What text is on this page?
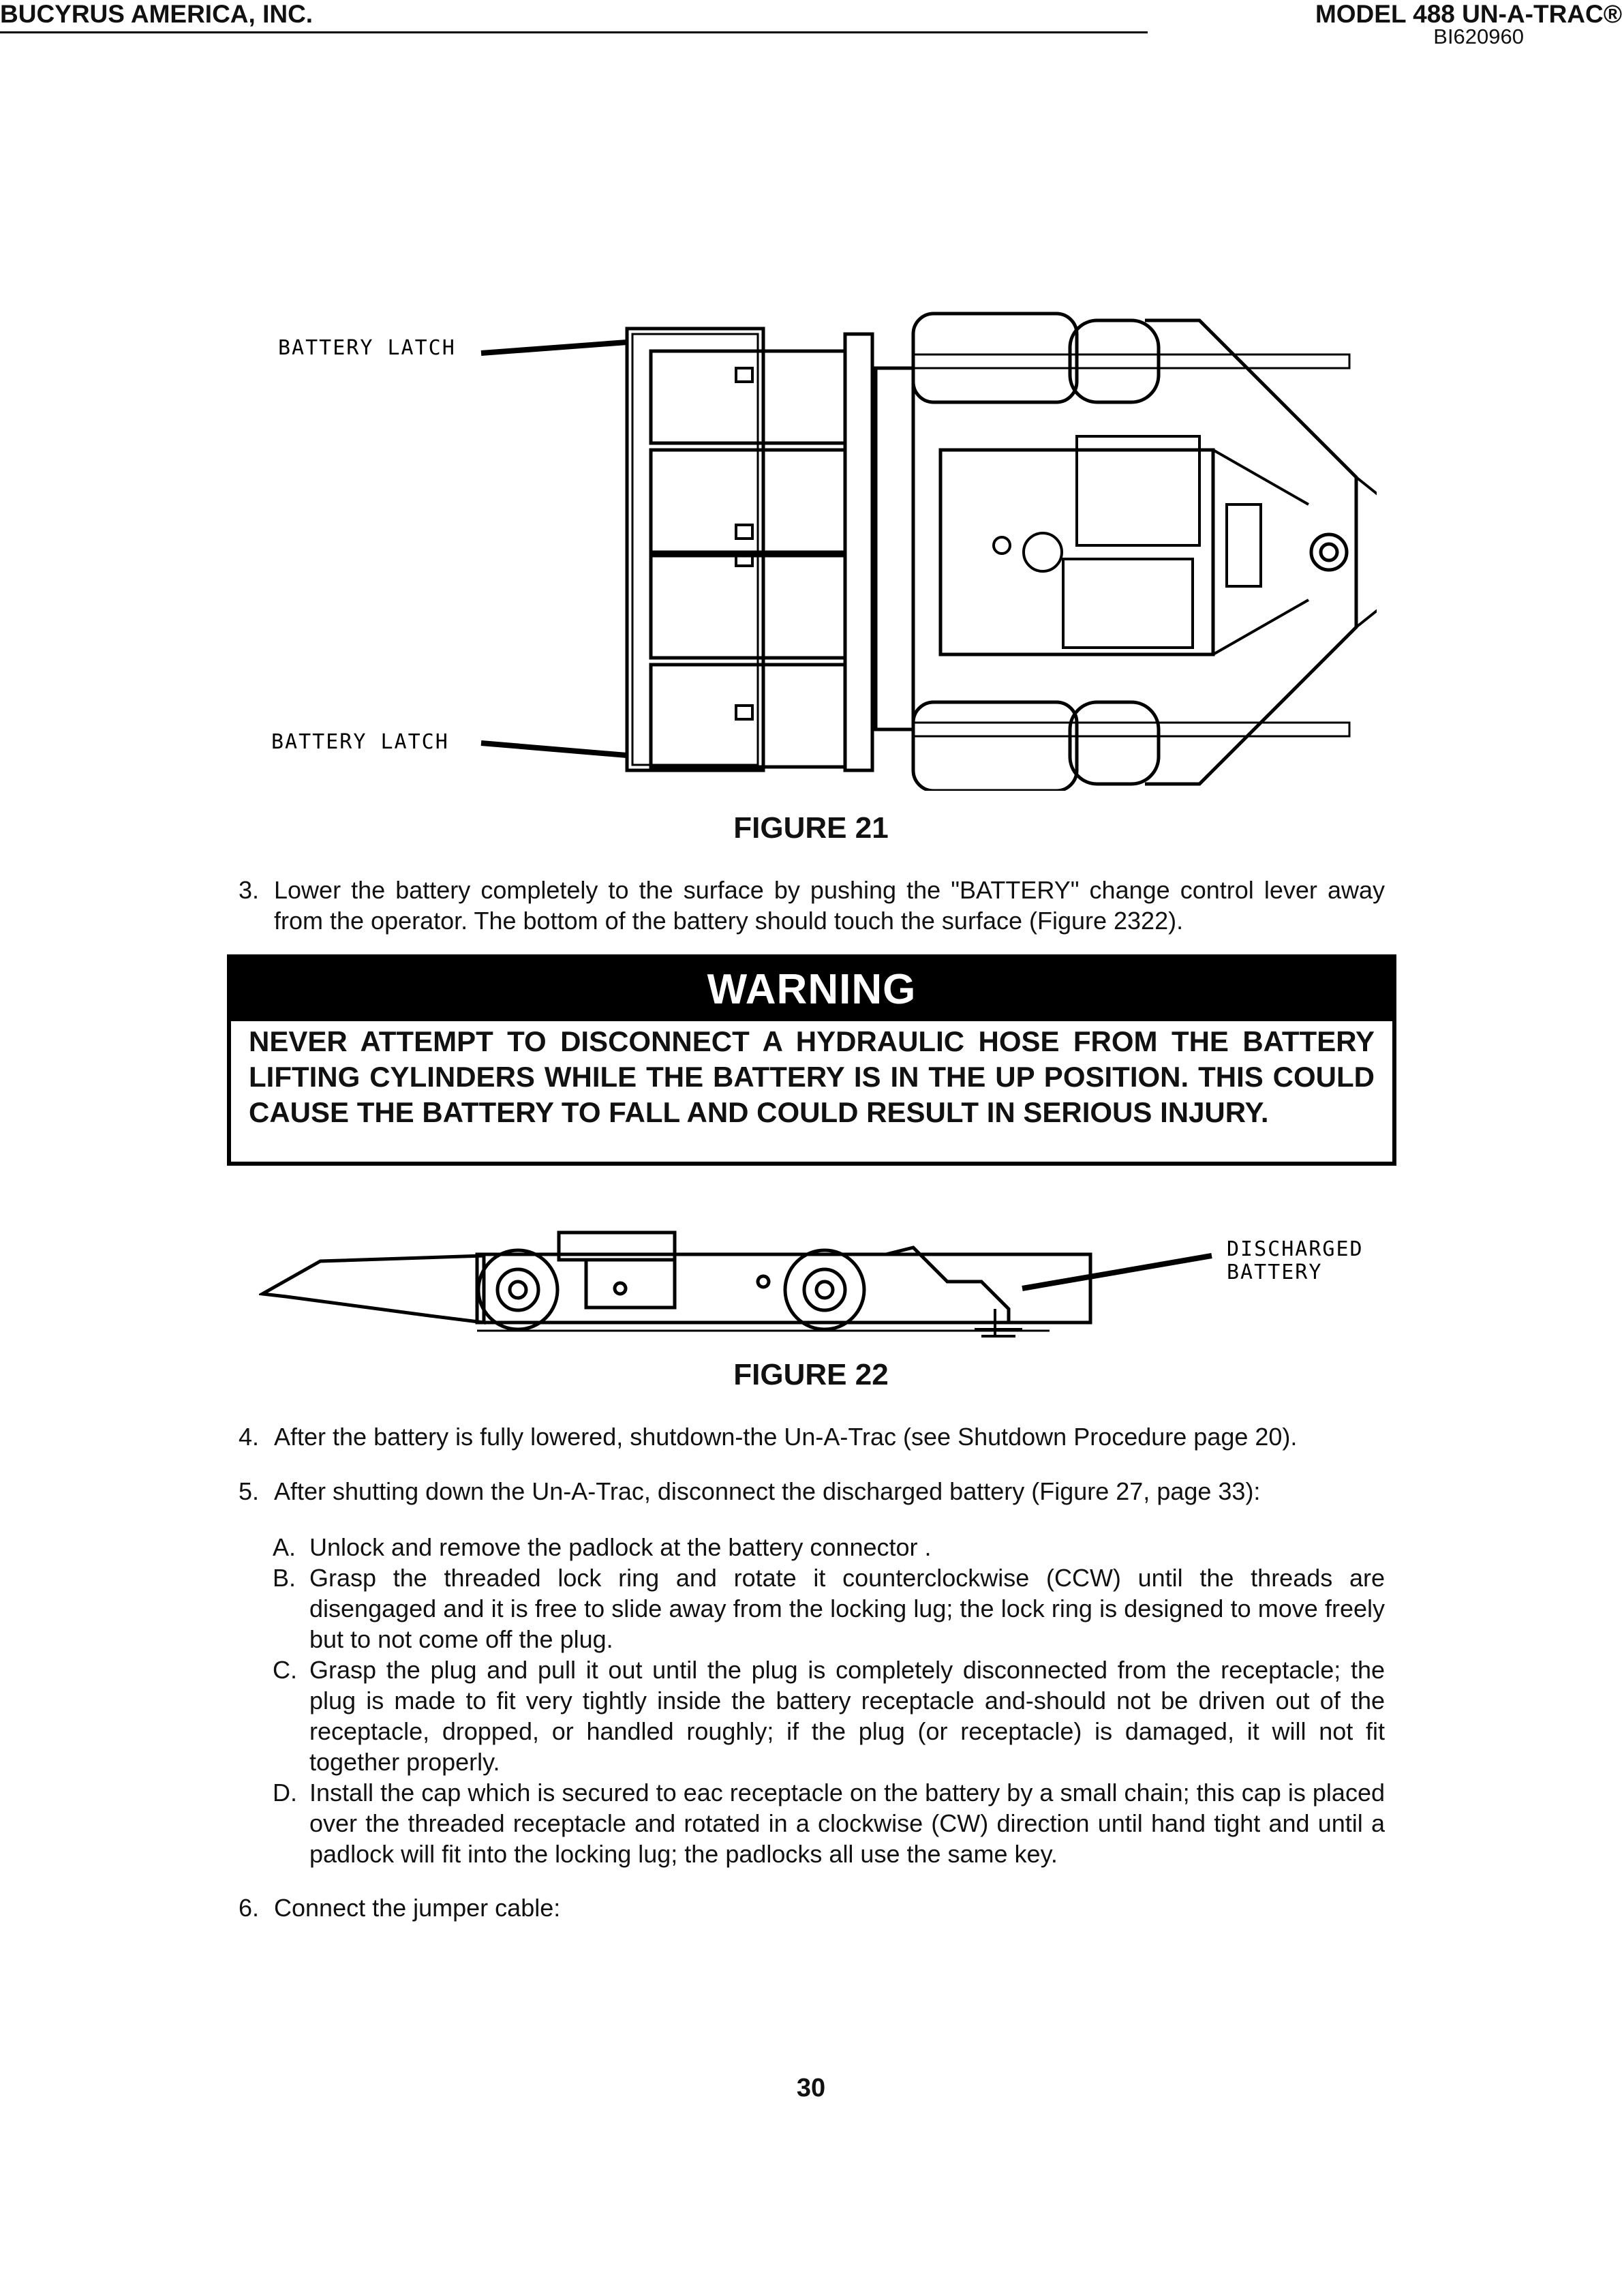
BI620960
BUCYRUS AMERICA, INC.	MODEL 488 UN-A-TRAC®
BATTERY LATCH
BATTERY LATCH
FIGURE 21
3. Lower the battery completely to the surface by pushing the "BATTERY" change control lever away from the operator. The bottom of the battery should touch the surface (Figure 2322).
WARNING
NEVER ATTEMPT TO DISCONNECT A HYDRAULIC HOSE FROM THE BATTERY LIFTING CYLINDERS WHILE THE BATTERY IS IN THE UP POSITION. THIS COULD CAUSE THE BATTERY TO FALL AND COULD RESULT IN SERIOUS INJURY.
DISCHARGED
BATTERY
FIGURE 22
4. After the battery is fully lowered, shutdown-the Un-A-Trac (see Shutdown Procedure page 20).
5. After shutting down the Un-A-Trac, disconnect the discharged battery (Figure 27, page 33):
A. Unlock and remove the padlock at the battery connector .
B. Grasp the threaded lock ring and rotate it counterclockwise (CCW) until the threads are disengaged and it is free to slide away from the locking lug; the lock ring is designed to move freely but to not come off the plug.
C. Grasp the plug and pull it out until the plug is completely disconnected from the receptacle; the plug is made to fit very tightly inside the battery receptacle and-should not be driven out of the receptacle, dropped, or handled roughly; if the plug (or receptacle) is damaged, it will not fit together properly.
D. Install the cap which is secured to eac receptacle on the battery by a small chain; this cap is placed over the threaded receptacle and rotated in a clockwise (CW) direction until hand tight and until a padlock will fit into the locking lug; the padlocks all use the same key.
6. Connect the jumper cable:
30
